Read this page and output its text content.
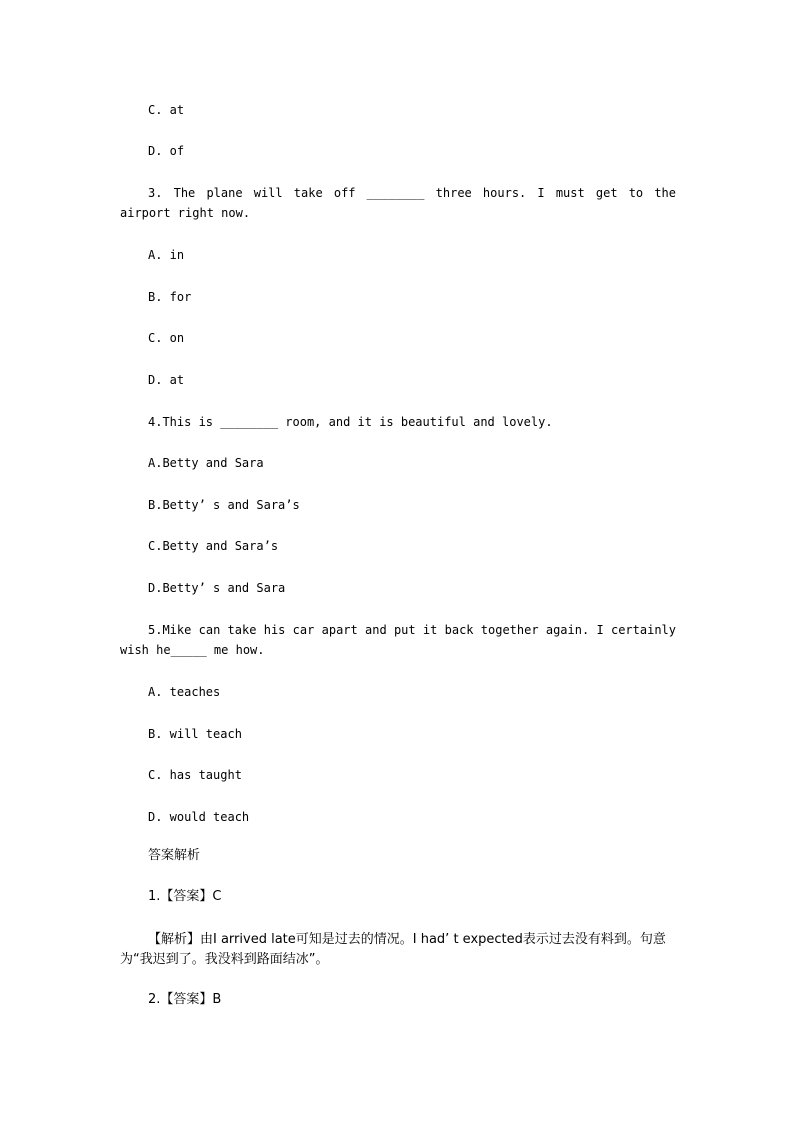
C. at
D. of
3. The plane will take off ________ three hours. I must get to the airport right now.
A. in
B. for
C. on
D. at
4.This is ________ room, and it is beautiful and lovely.
A.Betty and Sara
B.Betty’ s and Sara’s
C.Betty and Sara’s
D.Betty’ s and Sara
5.Mike can take his car apart and put it back together again. I certainly wish he_____ me how.
A. teaches
B. will teach
C. has taught
D. would teach
答案解析
1.【答案】C
【解析】由I arrived late可知是过去的情况。I had’ t expected表示过去没有料到。句意为“我迟到了。我没料到路面结冰”。
2.【答案】B
